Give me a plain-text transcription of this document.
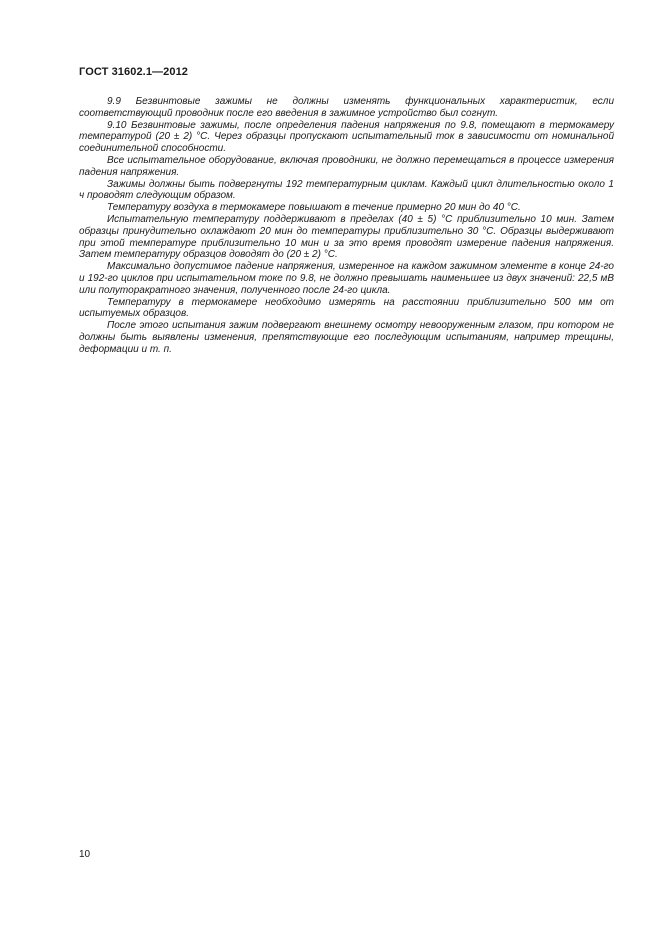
ГОСТ 31602.1—2012

9.9 Безвинтовые зажимы не должны изменять функциональных характеристик, если соответствующий проводник после его введения в зажимное устройство был согнут.

9.10 Безвинтовые зажимы, после определения падения напряжения по 9.8, помещают в термокамеру температурой (20 ± 2) °С. Через образцы пропускают испытательный ток в зависимости от номинальной соединительной способности.

Все испытательное оборудование, включая проводники, не должно перемещаться в процессе измерения падения напряжения.

Зажимы должны быть подвергнуты 192 температурным циклам. Каждый цикл длительностью около 1 ч проводят следующим образом.

Температуру воздуха в термокамере повышают в течение примерно 20 мин до 40 °С.

Испытательную температуру поддерживают в пределах (40 ± 5) °С приблизительно 10 мин. Затем образцы принудительно охлаждают 20 мин до температуры приблизительно 30 °С. Образцы выдерживают при этой температуре приблизительно 10 мин и за это время проводят измерение падения напряжения. Затем температуру образцов доводят до (20 ± 2) °С.

Максимально допустимое падение напряжения, измеренное на каждом зажимном элементе в конце 24-го и 192-го циклов при испытательном токе по 9.8, не должно превышать наименьшее из двух значений: 22,5 мВ или полуторакратного значения, полученного после 24-го цикла.

Температуру в термокамере необходимо измерять на расстоянии приблизительно 500 мм от испытуемых образцов.

После этого испытания зажим подвергают внешнему осмотру невооруженным глазом, при котором не должны быть выявлены изменения, препятствующие его последующим испытаниям, например трещины, деформации и т. п.

10
